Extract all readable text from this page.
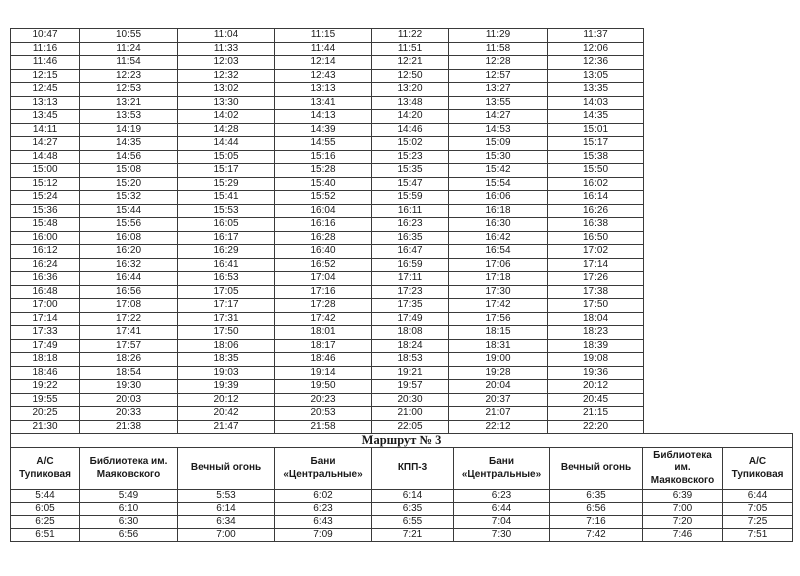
10:47	10:55	11:04	11:15	11:22	11:29	11:37
11:16	11:24	11:33	11:44	11:51	11:58	12:06
11:46	11:54	12:03	12:14	12:21	12:28	12:36
12:15	12:23	12:32	12:43	12:50	12:57	13:05
12:45	12:53	13:02	13:13	13:20	13:27	13:35
13:13	13:21	13:30	13:41	13:48	13:55	14:03
13:45	13:53	14:02	14:13	14:20	14:27	14:35
14:11	14:19	14:28	14:39	14:46	14:53	15:01
14:27	14:35	14:44	14:55	15:02	15:09	15:17
14:48	14:56	15:05	15:16	15:23	15:30	15:38
15:00	15:08	15:17	15:28	15:35	15:42	15:50
15:12	15:20	15:29	15:40	15:47	15:54	16:02
15:24	15:32	15:41	15:52	15:59	16:06	16:14
15:36	15:44	15:53	16:04	16:11	16:18	16:26
15:48	15:56	16:05	16:16	16:23	16:30	16:38
16:00	16:08	16:17	16:28	16:35	16:42	16:50
16:12	16:20	16:29	16:40	16:47	16:54	17:02
16:24	16:32	16:41	16:52	16:59	17:06	17:14
16:36	16:44	16:53	17:04	17:11	17:18	17:26
16:48	16:56	17:05	17:16	17:23	17:30	17:38
17:00	17:08	17:17	17:28	17:35	17:42	17:50
17:14	17:22	17:31	17:42	17:49	17:56	18:04
17:33	17:41	17:50	18:01	18:08	18:15	18:23
17:49	17:57	18:06	18:17	18:24	18:31	18:39
18:18	18:26	18:35	18:46	18:53	19:00	19:08
18:46	18:54	19:03	19:14	19:21	19:28	19:36
19:22	19:30	19:39	19:50	19:57	20:04	20:12
19:55	20:03	20:12	20:23	20:30	20:37	20:45
20:25	20:33	20:42	20:53	21:00	21:07	21:15
21:30	21:38	21:47	21:58	22:05	22:12	22:20
Маршрут № 3								
А/С Тупиковая	Библиотека им. Маяковского	Вечный огонь	Бани «Центральные»	КПП-3	Бани «Центральные»	Вечный огонь	Библиотека им. Маяковского	А/С Тупиковая
5:44	5:49	5:53	6:02	6:14	6:23	6:35	6:39	6:44
6:05	6:10	6:14	6:23	6:35	6:44	6:56	7:00	7:05
6:25	6:30	6:34	6:43	6:55	7:04	7:16	7:20	7:25
6:51	6:56	7:00	7:09	7:21	7:30	7:42	7:46	7:51
